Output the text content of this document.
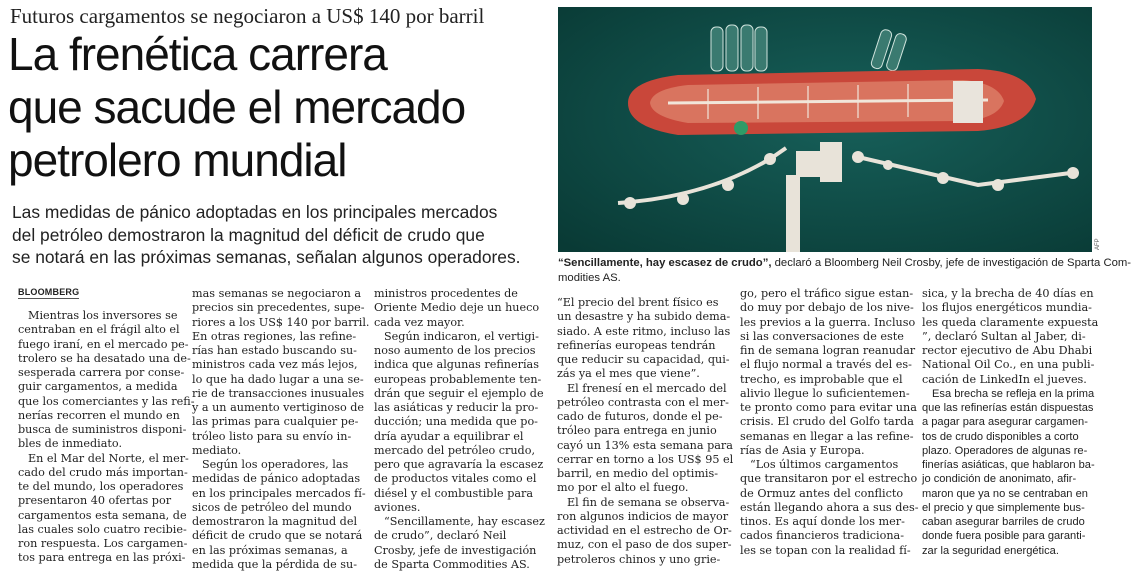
Futuros cargamentos se negociaron a US$ 140 por barril
La frenética carrera
que sacude el mercado
petrolero mundial
Las medidas de pánico adoptadas en los principales mercados
del petróleo demostraron la magnitud del déficit de crudo que
se notará en las próximas semanas, señalan algunos operadores.
AFP
“Sencillamente, hay escasez de crudo”, declaró a Bloomberg Neil Crosby, jefe de investigación de Sparta Com-
modities AS.
BLOOMBERG
Mientras los inversores se
centraban en el frágil alto el
fuego iraní, en el mercado pe-
trolero se ha desatado una de-
sesperada carrera por conse-
guir cargamentos, a medida
que los comerciantes y las refi-
nerías recorren el mundo en
busca de suministros disponi-
bles de inmediato.
En el Mar del Norte, el mer-
cado del crudo más importan-
te del mundo, los operadores
presentaron 40 ofertas por
cargamentos esta semana, de
las cuales solo cuatro recibie-
ron respuesta. Los cargamen-
tos para entrega en las próxi-
mas semanas se negociaron a
precios sin precedentes, supe-
riores a los US$ 140 por barril.
En otras regiones, las refine-
rías han estado buscando su-
ministros cada vez más lejos,
lo que ha dado lugar a una se-
rie de transacciones inusuales
y a un aumento vertiginoso de
las primas para cualquier pe-
tróleo listo para su envío in-
mediato.
Según los operadores, las
medidas de pánico adoptadas
en los principales mercados fí-
sicos de petróleo del mundo
demostraron la magnitud del
déficit de crudo que se notará
en las próximas semanas, a
medida que la pérdida de su-
ministros procedentes de
Oriente Medio deje un hueco
cada vez mayor.
Según indicaron, el vertigi-
noso aumento de los precios
indica que algunas refinerías
europeas probablemente ten-
drán que seguir el ejemplo de
las asiáticas y reducir la pro-
ducción; una medida que po-
dría ayudar a equilibrar el
mercado del petróleo crudo,
pero que agravaría la escasez
de productos vitales como el
diésel y el combustible para
aviones.
“Sencillamente, hay escasez
de crudo”, declaró Neil
Crosby, jefe de investigación
de Sparta Commodities AS.
“El precio del brent físico es
un desastre y ha subido dema-
siado. A este ritmo, incluso las
refinerías europeas tendrán
que reducir su capacidad, qui-
zás ya el mes que viene”.
El frenesí en el mercado del
petróleo contrasta con el mer-
cado de futuros, donde el pe-
tróleo para entrega en junio
cayó un 13% esta semana para
cerrar en torno a los US$ 95 el
barril, en medio del optimis-
mo por el alto el fuego.
El fin de semana se observa-
ron algunos indicios de mayor
actividad en el estrecho de Or-
muz, con el paso de dos super-
petroleros chinos y uno grie-
go, pero el tráfico sigue estan-
do muy por debajo de los nive-
les previos a la guerra. Incluso
si las conversaciones de este
fin de semana logran reanudar
el flujo normal a través del es-
trecho, es improbable que el
alivio llegue lo suficientemen-
te pronto como para evitar una
crisis. El crudo del Golfo tarda
semanas en llegar a las refine-
rías de Asia y Europa.
“Los últimos cargamentos
que transitaron por el estrecho
de Ormuz antes del conflicto
están llegando ahora a sus des-
tinos. Es aquí donde los mer-
cados financieros tradiciona-
les se topan con la realidad fí-
sica, y la brecha de 40 días en
los flujos energéticos mundia-
les queda claramente expuesta
”, declaró Sultan al Jaber, di-
rector ejecutivo de Abu Dhabi
National Oil Co., en una publi-
cación de LinkedIn el jueves.
Esa brecha se refleja en la prima
que las refinerías están dispuestas
a pagar para asegurar cargamen-
tos de crudo disponibles a corto
plazo. Operadores de algunas re-
finerías asiáticas, que hablaron ba-
jo condición de anonimato, afir-
maron que ya no se centraban en
el precio y que simplemente bus-
caban asegurar barriles de crudo
donde fuera posible para garanti-
zar la seguridad energética.
